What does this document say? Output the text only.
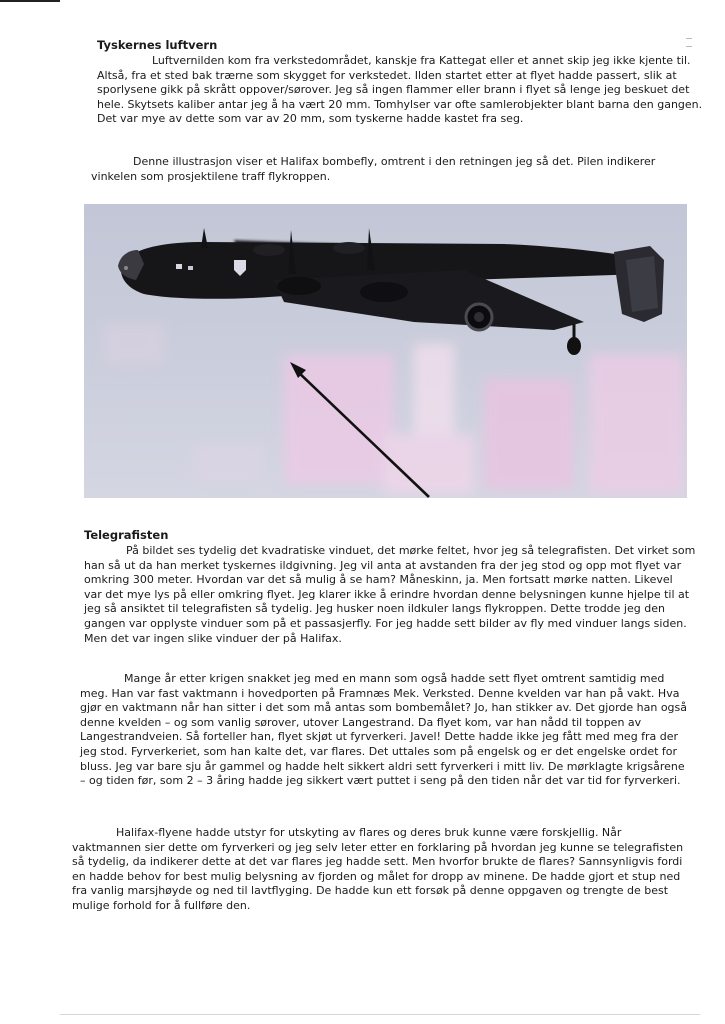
Tyskernes luftvern
Luftvernilden kom fra verkstedområdet, kanskje fra Kattegat eller et annet skip jeg ikke kjente til.
Altså, fra et sted bak trærne som skygget for verkstedet. Ilden startet etter at flyet hadde passert, slik at
sporlysene gikk på skrått oppover/sørover. Jeg så ingen flammer eller brann i flyet så lenge jeg beskuet det
hele. Skytsets kaliber antar jeg å ha vært 20 mm. Tomhylser var ofte samlerobjekter blant barna den gangen.
Det var mye av dette som var av 20 mm, som tyskerne hadde kastet fra seg.
Denne illustrasjon viser et Halifax bombefly, omtrent i den retningen jeg så det. Pilen indikerer
vinkelen som prosjektilene traff flykroppen.
Telegrafisten
På bildet ses tydelig det kvadratiske vinduet, det mørke feltet, hvor jeg så telegrafisten. Det virket som
han så ut da han merket tyskernes ildgivning. Jeg vil anta at avstanden fra der jeg stod og opp mot flyet var
omkring 300 meter. Hvordan var det så mulig å se ham? Måneskinn, ja. Men fortsatt mørke natten. Likevel
var det mye lys på eller omkring flyet. Jeg klarer ikke å erindre hvordan denne belysningen kunne hjelpe til at
jeg så ansiktet til telegrafisten så tydelig. Jeg husker noen ildkuler langs flykroppen. Dette trodde jeg den
gangen var opplyste vinduer som på et passasjerfly. For jeg hadde sett bilder av fly med vinduer langs siden.
Men det var ingen slike vinduer der på Halifax.
Mange år etter krigen snakket jeg med en mann som også hadde sett flyet omtrent samtidig med
meg. Han var fast vaktmann i hovedporten på Framnæs Mek. Verksted. Denne kvelden var han på vakt. Hva
gjør en vaktmann når han sitter i det som må antas som bombemålet? Jo, han stikker av. Det gjorde han også
denne kvelden – og som vanlig sørover, utover Langestrand. Da flyet kom, var han nådd til toppen av
Langestrandveien. Så forteller han, flyet skjøt ut fyrverkeri. Javel! Dette hadde ikke jeg fått med meg fra der
jeg stod. Fyrverkeriet, som han kalte det, var flares. Det uttales som på engelsk og er det engelske ordet for
bluss. Jeg var bare sju år gammel og hadde helt sikkert aldri sett fyrverkeri i mitt liv. De mørklagte krigsårene
– og tiden før, som 2 – 3 åring hadde jeg sikkert vært puttet i seng på den tiden når det var tid for fyrverkeri.
Halifax-flyene hadde utstyr for utskyting av flares og deres bruk kunne være forskjellig. Når
vaktmannen sier dette om fyrverkeri og jeg selv leter etter en forklaring på hvordan jeg kunne se telegrafisten
så tydelig, da indikerer dette at det var flares jeg hadde sett. Men hvorfor brukte de flares? Sannsynligvis fordi
en hadde behov for best mulig belysning av fjorden og målet for dropp av minene. De hadde gjort et stup ned
fra vanlig marsjhøyde og ned til lavtflyging. De hadde kun ett forsøk på denne oppgaven og trengte de best
mulige forhold for å fullføre den.
